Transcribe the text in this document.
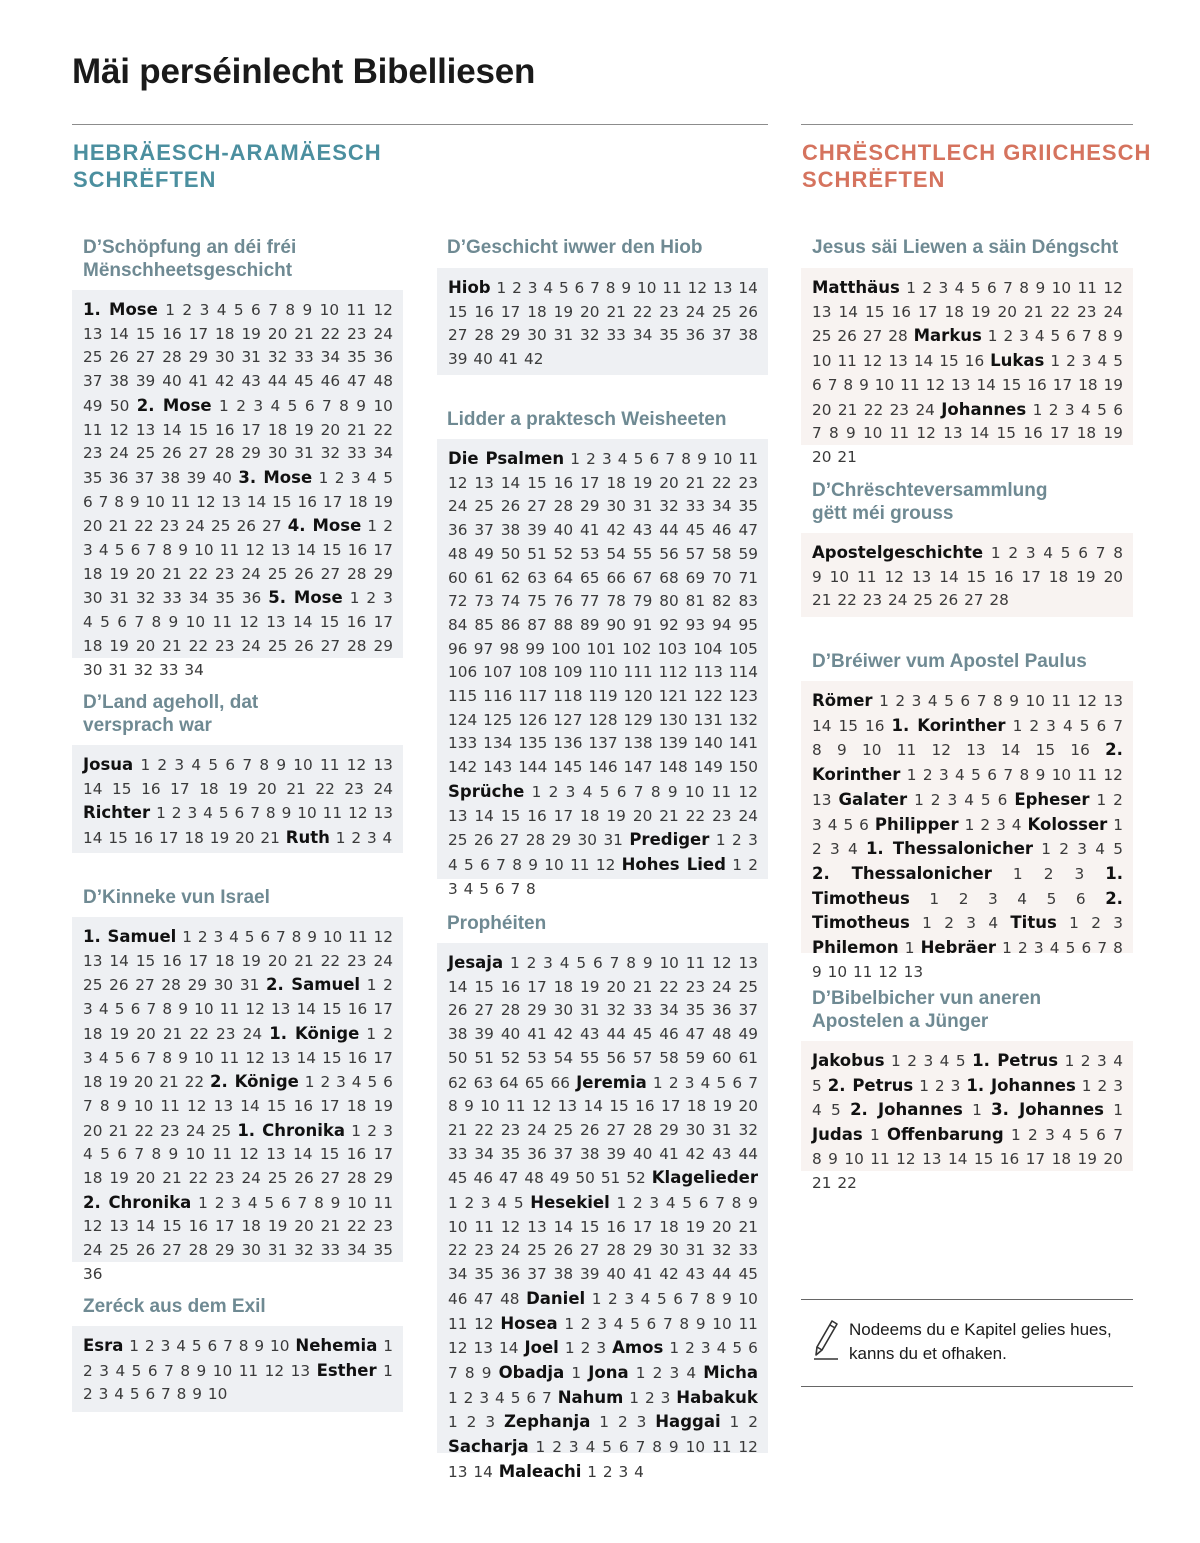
Mäi perséinlecht Bibelliesen
HEBRÄESCH-ARAMÄESCH
SCHRËFTEN
CHRËSCHTLECH GRIICHESCH
SCHRËFTEN
D’Schöpfung an déi fréi Mënschheetsgeschicht
1. Mose 1 2 3 4 5 6 7 8 9 10 11 12 13 14 15 16 17 18 19 20 21 22 23 24 25 26 27 28 29 30 31 32 33 34 35 36 37 38 39 40 41 42 43 44 45 46 47 48 49 50 2. Mose 1 2 3 4 5 6 7 8 9 10 11 12 13 14 15 16 17 18 19 20 21 22 23 24 25 26 27 28 29 30 31 32 33 34 35 36 37 38 39 40 3. Mose 1 2 3 4 5 6 7 8 9 10 11 12 13 14 15 16 17 18 19 20 21 22 23 24 25 26 27 4. Mose 1 2 3 4 5 6 7 8 9 10 11 12 13 14 15 16 17 18 19 20 21 22 23 24 25 26 27 28 29 30 31 32 33 34 35 36 5. Mose 1 2 3 4 5 6 7 8 9 10 11 12 13 14 15 16 17 18 19 20 21 22 23 24 25 26 27 28 29 30 31 32 33 34
D’Land ageholl, dat versprach war
Josua 1 2 3 4 5 6 7 8 9 10 11 12 13 14 15 16 17 18 19 20 21 22 23 24 Richter 1 2 3 4 5 6 7 8 9 10 11 12 13 14 15 16 17 18 19 20 21 Ruth 1 2 3 4
D’Kinneke vun Israel
1. Samuel 1 2 3 4 5 6 7 8 9 10 11 12 13 14 15 16 17 18 19 20 21 22 23 24 25 26 27 28 29 30 31 2. Samuel 1 2 3 4 5 6 7 8 9 10 11 12 13 14 15 16 17 18 19 20 21 22 23 24 1. Könige 1 2 3 4 5 6 7 8 9 10 11 12 13 14 15 16 17 18 19 20 21 22 2. Könige 1 2 3 4 5 6 7 8 9 10 11 12 13 14 15 16 17 18 19 20 21 22 23 24 25 1. Chronika 1 2 3 4 5 6 7 8 9 10 11 12 13 14 15 16 17 18 19 20 21 22 23 24 25 26 27 28 29 2. Chronika 1 2 3 4 5 6 7 8 9 10 11 12 13 14 15 16 17 18 19 20 21 22 23 24 25 26 27 28 29 30 31 32 33 34 35 36
Zeréck aus dem Exil
Esra 1 2 3 4 5 6 7 8 9 10 Nehemia 1 2 3 4 5 6 7 8 9 10 11 12 13 Esther 1 2 3 4 5 6 7 8 9 10
D’Geschicht iwwer den Hiob
Hiob 1 2 3 4 5 6 7 8 9 10 11 12 13 14 15 16 17 18 19 20 21 22 23 24 25 26 27 28 29 30 31 32 33 34 35 36 37 38 39 40 41 42
Lidder a praktesch Weisheeten
Die Psalmen 1 2 3 4 5 6 7 8 9 10 11 12 13 14 15 16 17 18 19 20 21 22 23 24 25 26 27 28 29 30 31 32 33 34 35 36 37 38 39 40 41 42 43 44 45 46 47 48 49 50 51 52 53 54 55 56 57 58 59 60 61 62 63 64 65 66 67 68 69 70 71 72 73 74 75 76 77 78 79 80 81 82 83 84 85 86 87 88 89 90 91 92 93 94 95 96 97 98 99 100 101 102 103 104 105 106 107 108 109 110 111 112 113 114 115 116 117 118 119 120 121 122 123 124 125 126 127 128 129 130 131 132 133 134 135 136 137 138 139 140 141 142 143 144 145 146 147 148 149 150 Sprüche 1 2 3 4 5 6 7 8 9 10 11 12 13 14 15 16 17 18 19 20 21 22 23 24 25 26 27 28 29 30 31 Prediger 1 2 3 4 5 6 7 8 9 10 11 12 Hohes Lied 1 2 3 4 5 6 7 8
Prophéiten
Jesaja 1 2 3 4 5 6 7 8 9 10 11 12 13 14 15 16 17 18 19 20 21 22 23 24 25 26 27 28 29 30 31 32 33 34 35 36 37 38 39 40 41 42 43 44 45 46 47 48 49 50 51 52 53 54 55 56 57 58 59 60 61 62 63 64 65 66 Jeremia 1 2 3 4 5 6 7 8 9 10 11 12 13 14 15 16 17 18 19 20 21 22 23 24 25 26 27 28 29 30 31 32 33 34 35 36 37 38 39 40 41 42 43 44 45 46 47 48 49 50 51 52 Klagelieder 1 2 3 4 5 Hesekiel 1 2 3 4 5 6 7 8 9 10 11 12 13 14 15 16 17 18 19 20 21 22 23 24 25 26 27 28 29 30 31 32 33 34 35 36 37 38 39 40 41 42 43 44 45 46 47 48 Daniel 1 2 3 4 5 6 7 8 9 10 11 12 Hosea 1 2 3 4 5 6 7 8 9 10 11 12 13 14 Joel 1 2 3 Amos 1 2 3 4 5 6 7 8 9 Obadja 1 Jona 1 2 3 4 Micha 1 2 3 4 5 6 7 Nahum 1 2 3 Habakuk 1 2 3 Zephanja 1 2 3 Haggai 1 2 Sacharja 1 2 3 4 5 6 7 8 9 10 11 12 13 14 Maleachi 1 2 3 4
Jesus säi Liewen a säin Déngscht
Matthäus 1 2 3 4 5 6 7 8 9 10 11 12 13 14 15 16 17 18 19 20 21 22 23 24 25 26 27 28 Markus 1 2 3 4 5 6 7 8 9 10 11 12 13 14 15 16 Lukas 1 2 3 4 5 6 7 8 9 10 11 12 13 14 15 16 17 18 19 20 21 22 23 24 Johannes 1 2 3 4 5 6 7 8 9 10 11 12 13 14 15 16 17 18 19 20 21
D’Chrëschteversammlung gëtt méi grouss
Apostelgeschichte 1 2 3 4 5 6 7 8 9 10 11 12 13 14 15 16 17 18 19 20 21 22 23 24 25 26 27 28
D’Bréiwer vum Apostel Paulus
Römer 1 2 3 4 5 6 7 8 9 10 11 12 13 14 15 16 1. Korinther 1 2 3 4 5 6 7 8 9 10 11 12 13 14 15 16 2. Korinther 1 2 3 4 5 6 7 8 9 10 11 12 13 Galater 1 2 3 4 5 6 Epheser 1 2 3 4 5 6 Philipper 1 2 3 4 Kolosser 1 2 3 4 1. Thessalonicher 1 2 3 4 5 2. Thessalonicher 1 2 3 1. Timotheus 1 2 3 4 5 6 2. Timotheus 1 2 3 4 Titus 1 2 3 Philemon 1 Hebräer 1 2 3 4 5 6 7 8 9 10 11 12 13
D’Bibelbicher vun aneren Apostelen a Jünger
Jakobus 1 2 3 4 5 1. Petrus 1 2 3 4 5 2. Petrus 1 2 3 1. Johannes 1 2 3 4 5 2. Johannes 1 3. Johannes 1 Judas 1 Offenbarung 1 2 3 4 5 6 7 8 9 10 11 12 13 14 15 16 17 18 19 20 21 22
Nodeems du e Kapitel gelies hues, kanns du et ofhaken.
